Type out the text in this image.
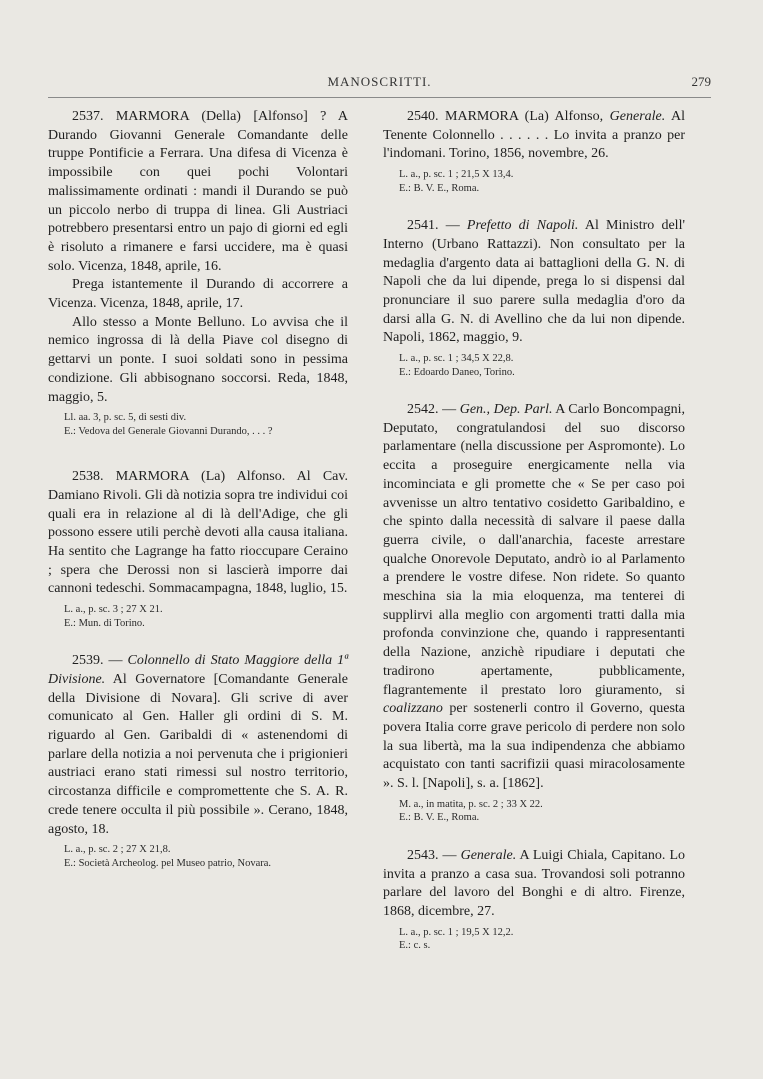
MANOSCRITTI.	279

2537. MARMORA (Della) [Alfonso] ? A Durando Giovanni Generale Comandante delle truppe Pontificie a Ferrara. Una difesa di Vicenza è impossibile con quei pochi Volontari malissimamente ordinati : mandi il Durando se può un piccolo nerbo di truppa di linea. Gli Austriaci potrebbero presentarsi entro un pajo di giorni ed egli è risoluto a rimanere e farsi uccidere, ma è quasi solo. Vicenza, 1848, aprile, 16.

Prega istantemente il Durando di accorrere a Vicenza. Vicenza, 1848, aprile, 17.

Allo stesso a Monte Belluno. Lo avvisa che il nemico ingrossa di là della Piave col disegno di gettarvi un ponte. I suoi soldati sono in pessima condizione. Gli abbisognano soccorsi. Reda, 1848, maggio, 5.

Ll. aa. 3, p. sc. 5, di sesti div.
E.: Vedova del Generale Giovanni Durando, . . . ?

2538. MARMORA (La) Alfonso. Al Cav. Damiano Rivoli. Gli dà notizia sopra tre individui coi quali era in relazione al di là dell'Adige, che gli possono essere utili perchè devoti alla causa italiana. Ha sentito che Lagrange ha fatto rioccupare Ceraino ; spera che Derossi non si lascierà imporre dai cannoni tedeschi. Sommacampagna, 1848, luglio, 15.

L. a., p. sc. 3 ; 27 X 21.
E.: Mun. di Torino.

2539. — Colonnello di Stato Maggiore della 1ª Divisione. Al Governatore [Comandante Generale della Divisione di Novara]. Gli scrive di aver comunicato al Gen. Haller gli ordini di S. M. riguardo al Gen. Garibaldi di « astenendomi di parlare della notizia a noi pervenuta che i prigionieri austriaci erano stati rimessi sul nostro territorio, circostanza difficile e compromettente che S. A. R. crede tenere occulta il più possibile ». Cerano, 1848, agosto, 18.

L. a., p. sc. 2 ; 27 X 21,8.
E.: Società Archeolog. pel Museo patrio, Novara.

2540. MARMORA (La) Alfonso, Generale. Al Tenente Colonnello . . . . . . Lo invita a pranzo per l'indomani. Torino, 1856, novembre, 26.

L. a., p. sc. 1 ; 21,5 X 13,4.
E.: B. V. E., Roma.

2541. — Prefetto di Napoli. Al Ministro dell' Interno (Urbano Rattazzi). Non consultato per la medaglia d'argento data ai battaglioni della G. N. di Napoli che da lui dipende, prega lo si dispensi dal pronunciare il suo parere sulla medaglia d'oro da darsi alla G. N. di Avellino che da lui non dipende. Napoli, 1862, maggio, 9.

L. a., p. sc. 1 ; 34,5 X 22,8.
E.: Edoardo Daneo, Torino.

2542. — Gen., Dep. Parl. A Carlo Boncompagni, Deputato, congratulandosi del suo discorso parlamentare (nella discussione per Aspromonte). Lo eccita a proseguire energicamente nella via incominciata e gli promette che « Se per caso poi avvenisse un altro tentativo cosidetto Garibaldino, e che spinto dalla necessità di salvare il paese dalla guerra civile, o dall'anarchia, faceste arrestare qualche Onorevole Deputato, andrò io al Parlamento a prendere le vostre difese. Non ridete. So quanto meschina sia la mia eloquenza, ma tenterei di supplirvi alla meglio con argomenti tratti dalla mia profonda convinzione che, quando i rappresentanti della Nazione, anzichè ripudiare i deputati che tradirono apertamente, pubblicamente, flagrantemente il prestato loro giuramento, si coalizzano per sostenerli contro il Governo, questa povera Italia corre grave pericolo di perdere non solo la sua libertà, ma la sua indipendenza che abbiamo acquistato con tanti sacrifizii quasi miracolosamente ». S. l. [Napoli], s. a. [1862].

M. a., in matita, p. sc. 2 ; 33 X 22.
E.: B. V. E., Roma.

2543. — Generale. A Luigi Chiala, Capitano. Lo invita a pranzo a casa sua. Trovandosi soli potranno parlare del lavoro del Bonghi e di altro. Firenze, 1868, dicembre, 27.

L. a., p. sc. 1 ; 19,5 X 12,2.
E.: c. s.
